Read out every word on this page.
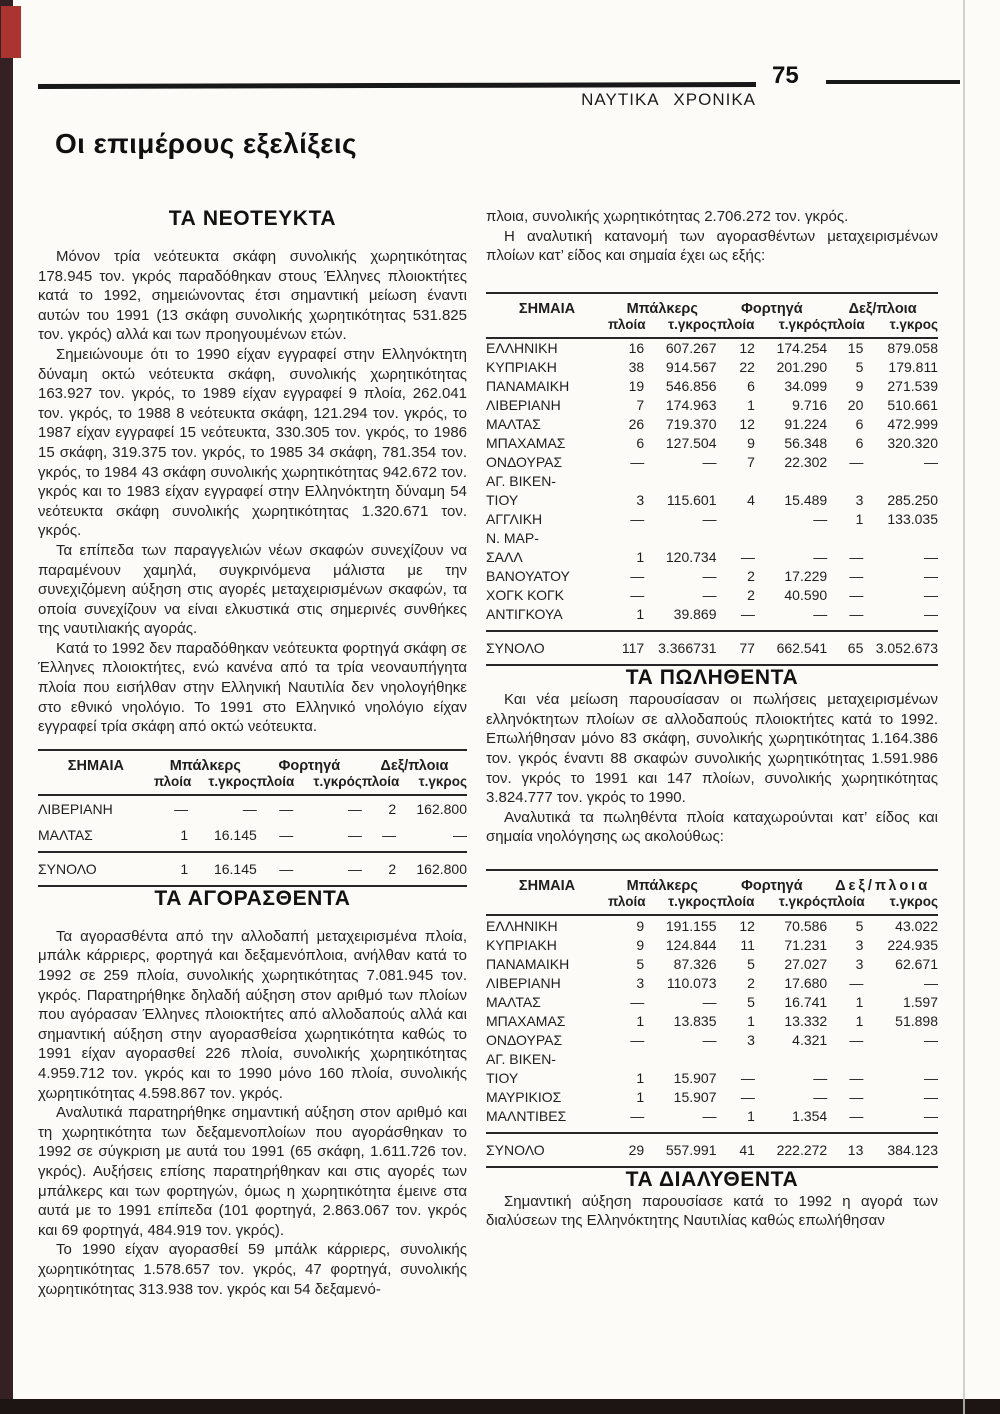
ΝΑΥΤΙΚΑ ΧΡΟΝΙΚΑ
75
Οι επιμέρους εξελίξεις
ΤΑ ΝΕΟΤΕΥΚΤΑ

Μόνον τρία νεότευκτα σκάφη συνολικής χωρητικότητας 178.945 τον. γκρός παραδόθηκαν στους Έλληνες πλοιοκτήτες κατά το 1992, σημειώνοντας έτσι σημαντική μείωση έναντι αυτών του 1991 (13 σκάφη συνολικής χωρητικότητας 531.825 τον. γκρός) αλλά και των προηγουμένων ετών.

Σημειώνουμε ότι το 1990 είχαν εγγραφεί στην Ελληνόκτητη δύναμη οκτώ νεότευκτα σκάφη, συνολικής χωρητικότητας 163.927 τον. γκρός, το 1989 είχαν εγγραφεί 9 πλοία, 262.041 τον. γκρός, το 1988 8 νεότευκτα σκάφη, 121.294 τον. γκρός, το 1987 είχαν εγγραφεί 15 νεότευκτα, 330.305 τον. γκρός, το 1986 15 σκάφη, 319.375 τον. γκρός, το 1985 34 σκάφη, 781.354 τον. γκρός, το 1984 43 σκάφη συνολικής χωρητικότητας 942.672 τον. γκρός και το 1983 είχαν εγγραφεί στην Ελληνόκτητη δύναμη 54 νεότευκτα σκάφη συνολικής χωρητικότητας 1.320.671 τον. γκρός.

Τα επίπεδα των παραγγελιών νέων σκαφών συνεχίζουν να παραμένουν χαμηλά, συγκρινόμενα μάλιστα με την συνεχιζόμενη αύξηση στις αγορές μεταχειρισμένων σκαφών, τα οποία συνεχίζουν να είναι ελκυστικά στις σημερινές συνθήκες της ναυτιλιακής αγοράς.

Κατά το 1992 δεν παραδόθηκαν νεότευκτα φορτηγά σκάφη σε Έλληνες πλοιοκτήτες, ενώ κανένα από τα τρία νεοναυπήγητα πλοία που εισήλθαν στην Ελληνική Ναυτιλία δεν νηολογήθηκε στο εθνικό νηολόγιο. Το 1991 στο Ελληνικό νηολόγιο είχαν εγγραφεί τρία σκάφη από οκτώ νεότευκτα.

ΣΗΜΑΙΑ	Μπάλκερς		Φορτηγά		Δεξ/πλοια	
	πλοία	τ.γκρος	πλοία	τ.γκρός	πλοία	τ.γκρος
ΛΙΒΕΡΙΑΝΗ	—	—	—	—	2	162.800
ΜΑΛΤΑΣ	1	16.145	—	—	—	—
ΣΥΝΟΛΟ	1	16.145	—	—	2	162.800
ΤΑ ΑΓΟΡΑΣΘΕΝΤΑ

Τα αγορασθέντα από την αλλοδαπή μεταχειρισμένα πλοία, μπάλκ κάρριερς, φορτηγά και δεξαμενόπλοια, ανήλθαν κατά το 1992 σε 259 πλοία, συνολικής χωρητικότητας 7.081.945 τον. γκρός. Παρατηρήθηκε δηλαδή αύξηση στον αριθμό των πλοίων που αγόρασαν Έλληνες πλοιοκτήτες από αλλοδαπούς αλλά και σημαντική αύξηση στην αγορασθείσα χωρητικότητα καθώς το 1991 είχαν αγορασθεί 226 πλοία, συνολικής χωρητικότητας 4.959.712 τον. γκρός και το 1990 μόνο 160 πλοία, συνολικής χωρητικότητας 4.598.867 τον. γκρός.

Αναλυτικά παρατηρήθηκε σημαντική αύξηση στον αριθμό και τη χωρητικότητα των δεξαμενοπλοίων που αγοράσθηκαν το 1992 σε σύγκριση με αυτά του 1991 (65 σκάφη, 1.611.726 τον. γκρός). Αυξήσεις επίσης παρατηρήθηκαν και στις αγορές των μπάλκερς και των φορτηγών, όμως η χωρητικότητα έμεινε στα αυτά με το 1991 επίπεδα (101 φορτηγά, 2.863.067 τον. γκρός και 69 φορτηγά, 484.919 τον. γκρός).

Το 1990 είχαν αγορασθεί 59 μπάλκ κάρριερς, συνολικής χωρητικότητας 1.578.657 τον. γκρός, 47 φορτηγά, συνολικής χωρητικότητας 313.938 τον. γκρός και 54 δεξαμενό-

πλοια, συνολικής χωρητικότητας 2.706.272 τον. γκρός.

Η αναλυτική κατανομή των αγορασθέντων μεταχειρισμένων πλοίων κατ’ είδος και σημαία έχει ως εξής:

ΣΗΜΑΙΑ	Μπάλκερς		Φορτηγά		Δεξ/πλοια	
	πλοία	τ.γκρος	πλοία	τ.γκρός	πλοία	τ.γκρος
ΕΛΛΗΝΙΚΗ	16	607.267	12	174.254	15	879.058
ΚΥΠΡΙΑΚΗ	38	914.567	22	201.290	5	179.811
ΠΑΝΑΜΑΙΚΗ	19	546.856	6	34.099	9	271.539
ΛΙΒΕΡΙΑΝΗ	7	174.963	1	9.716	20	510.661
ΜΑΛΤΑΣ	26	719.370	12	91.224	6	472.999
ΜΠΑΧΑΜΑΣ	6	127.504	9	56.348	6	320.320
ΟΝΔΟΥΡΑΣ	—	—	7	22.302	—	—
ΑΓ. ΒΙΚΕΝ-						
ΤΙΟΥ	3	115.601	4	15.489	3	285.250
ΑΓΓΛΙΚΗ	—	—		—	1	133.035
Ν. ΜΑΡ-						
ΣΑΛΛ	1	120.734	—	—	—	—
ΒΑΝΟΥΑΤΟΥ	—	—	2	17.229	—	—
ΧΟΓΚ ΚΟΓΚ	—	—	2	40.590	—	—
ΑΝΤΙΓΚΟΥΑ	1	39.869	—	—	—	—
ΣΥΝΟΛΟ	117	3.366731	77	662.541	65	3.052.673
ΤΑ ΠΩΛΗΘΕΝΤΑ

Και νέα μείωση παρουσίασαν οι πωλήσεις μεταχειρισμένων ελληνόκτητων πλοίων σε αλλοδαπούς πλοιοκτήτες κατά το 1992. Επωλήθησαν μόνο 83 σκάφη, συνολικής χωρητικότητας 1.164.386 τον. γκρός έναντι 88 σκαφών συνολικής χωρητικότητας 1.591.986 τον. γκρός το 1991 και 147 πλοίων, συνολικής χωρητικότητας 3.824.777 τον. γκρός το 1990.

Αναλυτικά τα πωληθέντα πλοία καταχωρούνται κατ’ είδος και σημαία νηολόγησης ως ακολούθως:

ΣΗΜΑΙΑ	Μπάλκερς		Φορτηγά		Δεξ/πλοια	
	πλοία	τ.γκρος	πλοία	τ.γκρός	πλοία	τ.γκρος
ΕΛΛΗΝΙΚΗ	9	191.155	12	70.586	5	43.022
ΚΥΠΡΙΑΚΗ	9	124.844	11	71.231	3	224.935
ΠΑΝΑΜΑΙΚΗ	5	87.326	5	27.027	3	62.671
ΛΙΒΕΡΙΑΝΗ	3	110.073	2	17.680	—	—
ΜΑΛΤΑΣ	—	—	5	16.741	1	1.597
ΜΠΑΧΑΜΑΣ	1	13.835	1	13.332	1	51.898
ΟΝΔΟΥΡΑΣ	—	—	3	4.321	—	—
ΑΓ. ΒΙΚΕΝ-						
ΤΙΟΥ	1	15.907	—	—	—	—
ΜΑΥΡΙΚΙΟΣ	1	15.907	—	—	—	—
ΜΑΛΝΤΙΒΕΣ	—	—	1	1.354	—	—
ΣΥΝΟΛΟ	29	557.991	41	222.272	13	384.123
ΤΑ ΔΙΑΛΥΘΕΝΤΑ

Σημαντική αύξηση παρουσίασε κατά το 1992 η αγορά των διαλύσεων της Ελληνόκτητης Ναυτιλίας καθώς επωλήθησαν
